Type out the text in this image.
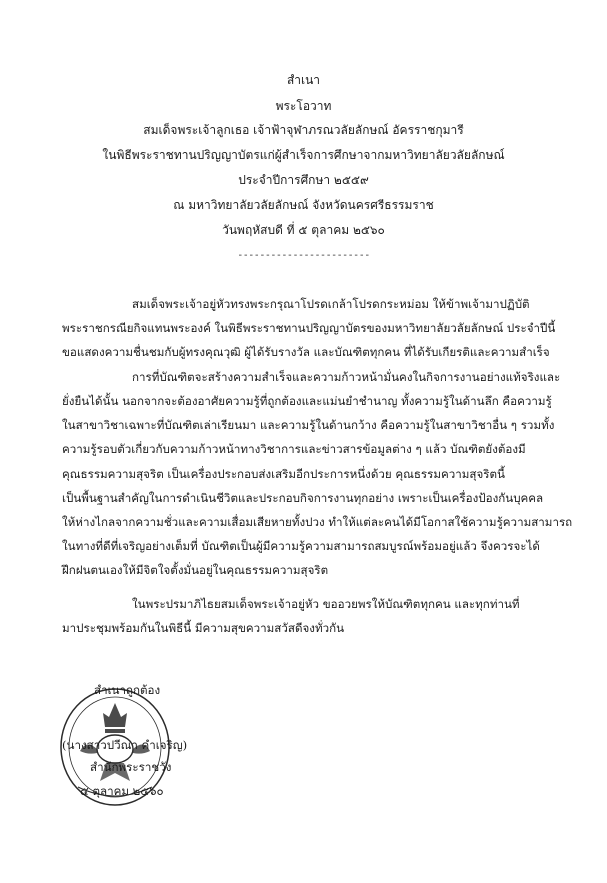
สำเนา
พระโอวาท
สมเด็จพระเจ้าลูกเธอ เจ้าฟ้าจุฬาภรณวลัยลักษณ์ อัครราชกุมารี
ในพิธีพระราชทานปริญญาบัตรแก่ผู้สำเร็จการศึกษาจากมหาวิทยาลัยวลัยลักษณ์
ประจำปีการศึกษา ๒๕๕๙
ณ มหาวิทยาลัยวลัยลักษณ์ จังหวัดนครศรีธรรมราช
วันพฤหัสบดี ที่ ๕ ตุลาคม ๒๕๖๐
------------------------
สมเด็จพระเจ้าอยู่หัวทรงพระกรุณาโปรดเกล้าโปรดกระหม่อม ให้ข้าพเจ้ามาปฏิบัติ
พระราชกรณียกิจแทนพระองค์ ในพิธีพระราชทานปริญญาบัตรของมหาวิทยาลัยวลัยลักษณ์ ประจำปีนี้
ขอแสดงความชื่นชมกับผู้ทรงคุณวุฒิ ผู้ได้รับรางวัล และบัณฑิตทุกคน ที่ได้รับเกียรติและความสำเร็จ
การที่บัณฑิตจะสร้างความสำเร็จและความก้าวหน้ามั่นคงในกิจการงานอย่างแท้จริงและ
ยั่งยืนได้นั้น นอกจากจะต้องอาศัยความรู้ที่ถูกต้องและแม่นยำชำนาญ ทั้งความรู้ในด้านลึก คือความรู้
ในสาขาวิชาเฉพาะที่บัณฑิตเล่าเรียนมา และความรู้ในด้านกว้าง คือความรู้ในสาขาวิชาอื่น ๆ รวมทั้ง
ความรู้รอบตัวเกี่ยวกับความก้าวหน้าทางวิชาการและข่าวสารข้อมูลต่าง ๆ แล้ว บัณฑิตยังต้องมี
คุณธรรมความสุจริต เป็นเครื่องประกอบส่งเสริมอีกประการหนึ่งด้วย คุณธรรมความสุจริตนี้
เป็นพื้นฐานสำคัญในการดำเนินชีวิตและประกอบกิจการงานทุกอย่าง เพราะเป็นเครื่องป้องกันบุคคล
ให้ห่างไกลจากความชั่วและความเสื่อมเสียหายทั้งปวง ทำให้แต่ละคนได้มีโอกาสใช้ความรู้ความสามารถ
ในทางที่ดีที่เจริญอย่างเต็มที่ บัณฑิตเป็นผู้มีความรู้ความสามารถสมบูรณ์พร้อมอยู่แล้ว จึงควรจะได้
ฝึกฝนตนเองให้มีจิตใจตั้งมั่นอยู่ในคุณธรรมความสุจริต
ในพระปรมาภิไธยสมเด็จพระเจ้าอยู่หัว ขออวยพรให้บัณฑิตทุกคน และทุกท่านที่
มาประชุมพร้อมกันในพิธีนี้ มีความสุขความสวัสดีจงทั่วกัน
สำเนาถูกต้อง
(นางสาวปวีณา คำเจริญ)
สำนักพระราชวัง
๕ ตุลาคม ๒๕๖๐
